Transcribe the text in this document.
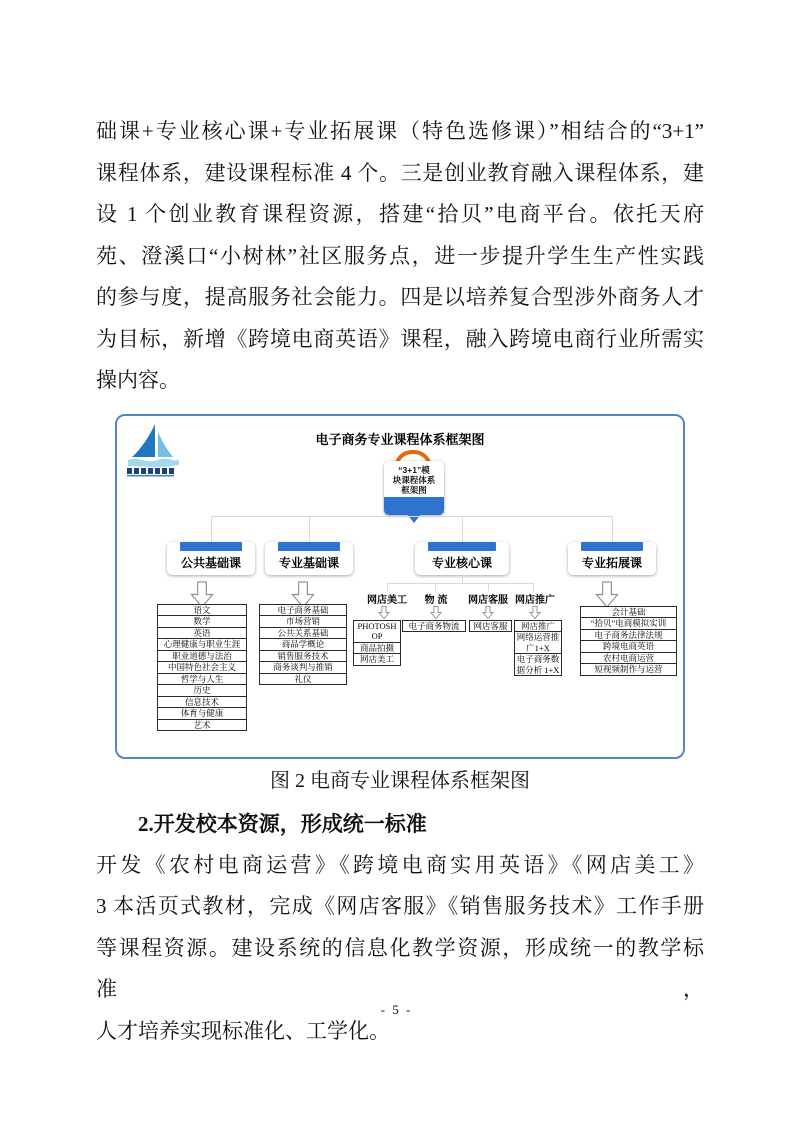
础课+专业核心课+专业拓展课（特色选修课）”相结合的“3+1”
课程体系，建设课程标准 4 个。三是创业教育融入课程体系，建
设 1 个创业教育课程资源，搭建“拾贝”电商平台。依托天府
苑、澄溪口“小树林”社区服务点，进一步提升学生生产性实践
的参与度，提高服务社会能力。四是以培养复合型涉外商务人才
为目标，新增《跨境电商英语》课程，融入跨境电商行业所需实
操内容。
电子商务专业课程体系框架图
“3+1”模
块课程体系
框架图
公共基础课	专业基础课	专业核心课	专业拓展课
网店美工 物 流 网店客服 网店推广
语文
数学
英语
心理健康与职业生涯
职业道德与法治
中国特色社会主义
哲学与人生
历史
信息技术
体育与健康
艺术
电子商务基础
市场营销
公共关系基础
商品学概论
销售服务技术
商务谈判与推销
礼仪
PHOTOSHOP
商品拍摄
网店美工
电子商务物流	网店客服	网店推广
网络运营推广1+X
电子商务数据分析 1+X
会计基础
“拾贝”电商模拟实训
电子商务法律法规
跨境电商英语
农村电商运营
短视频制作与运营
图 2 电商专业课程体系框架图
2.开发校本资源，形成统一标准
开发《农村电商运营》《跨境电商实用英语》《网店美工》
3 本活页式教材，完成《网店客服》《销售服务技术》工作手册
等课程资源。建设系统的信息化教学资源，形成统一的教学标准，
人才培养实现标准化、工学化。
- 5 -
